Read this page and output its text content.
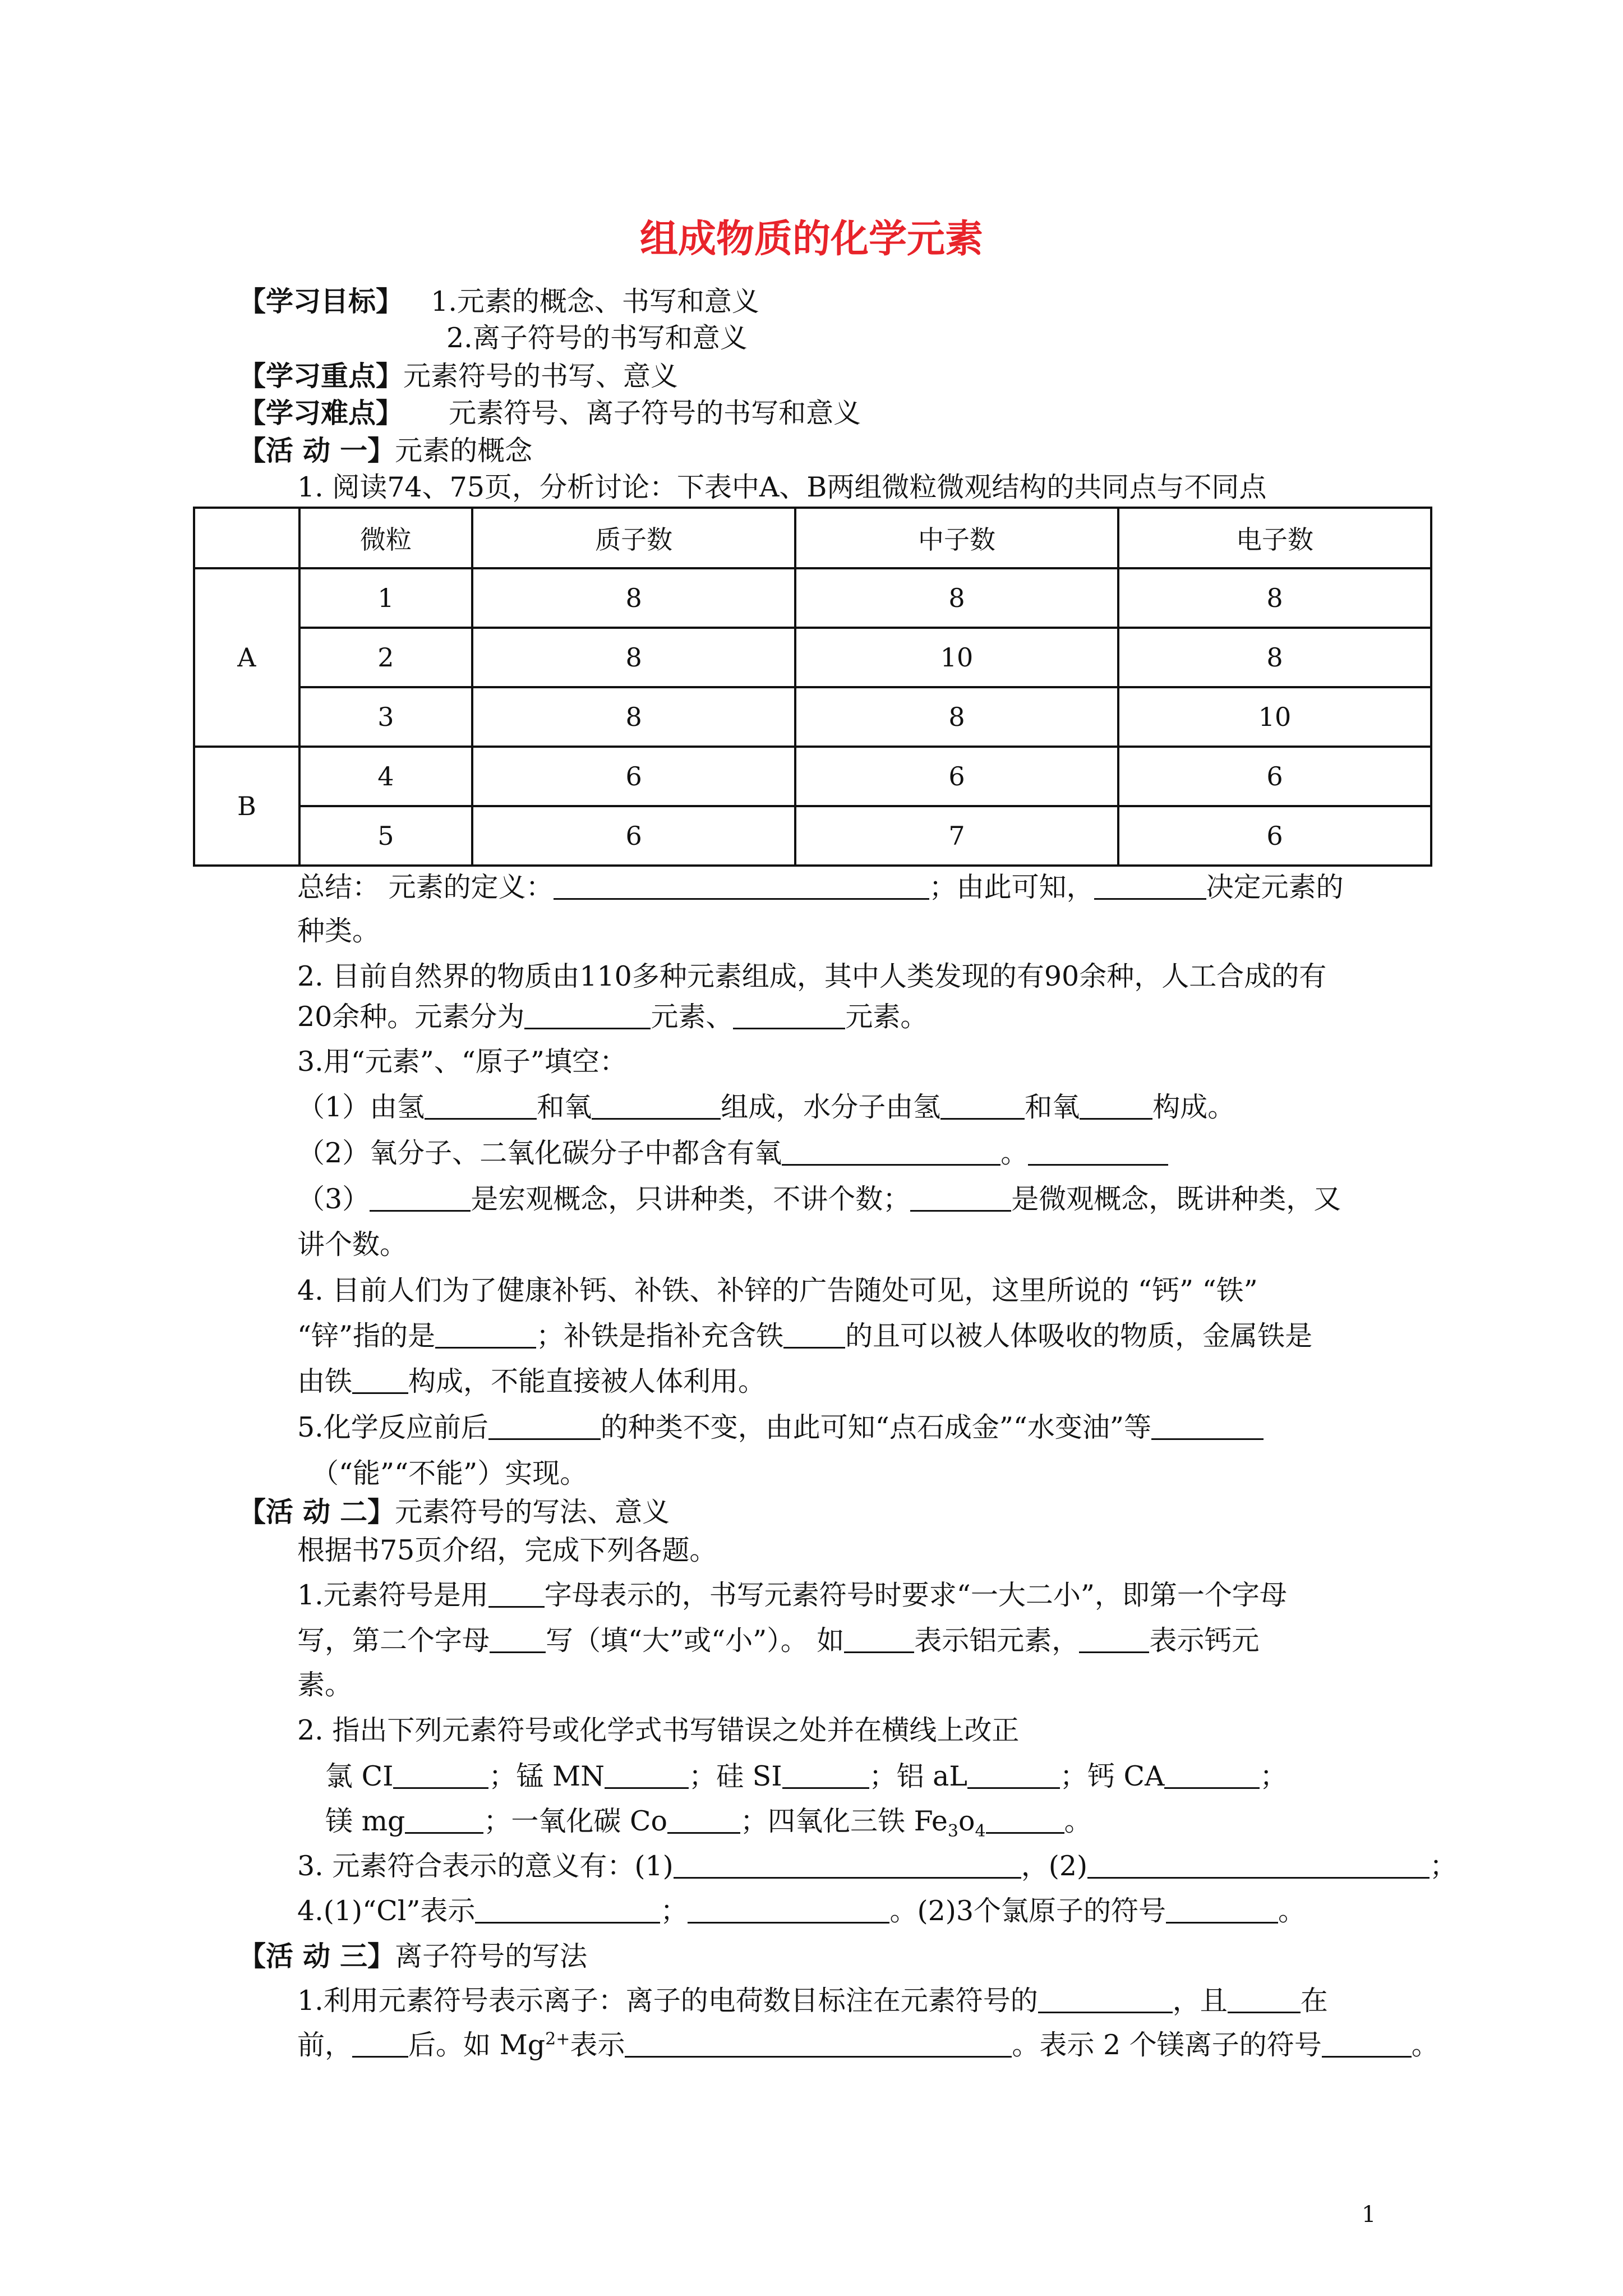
组成物质的化学元素
【学习目标】 1.元素的概念、书写和意义
2.离子符号的书写和意义
【学习重点】元素符号的书写、意义
【学习难点】 元素符号、离子符号的书写和意义
【活 动 一】元素的概念
1. 阅读74、75页，分析讨论：下表中A、B两组微粒微观结构的共同点与不同点
	微粒	质子数	中子数	电子数
A	1	8	8	8
	2	8	10	8
	3	8	8	10
B	4	6	6	6
	5	6	7	6
总结： 元素的定义：	；由此可知，	决定元素的
种类。
2. 目前自然界的物质由110多种元素组成，其中人类发现的有90余种，人工合成的有
20余种。元素分为	元素、	元素。
3.用“元素”、“原子”填空：
（1）由氢	和氧	组成，水分子由氢	和氧	构成。
（2）氧分子、二氧化碳分子中都含有氧	。
（3）	是宏观概念，只讲种类，不讲个数；	是微观概念，既讲种类，又
讲个数。
4. 目前人们为了健康补钙、补铁、补锌的广告随处可见，这里所说的 “钙” “铁”
“锌”指的是	；补铁是指补充含铁 的且可以被人体吸收的物质，金属铁是
由铁 构成，不能直接被人体利用。
5.化学反应前后	的种类不变，由此可知“点石成金”“水变油”等
（“能”“不能”）实现。
【活 动 二】元素符号的写法、意义
根据书75页介绍，完成下列各题。
1.元素符号是用 字母表示的，书写元素符号时要求“一大二小”，即第一个字母
写，第二个字母 写（填“大”或“小”）。 如	表示铝元素，	表示钙元
素。
2. 指出下列元素符号或化学式书写错误之处并在横线上改正
氯 CI	；锰 MN	；硅 SI	；铝 aL	；钙 CA	；
镁 mg	；一氧化碳 Co	；四氧化三铁 $Fe_3o_4$	。
3. 元素符合表示的意义有：(1)	，(2)	；
4.(1)“Cl”表示	；	。(2)3个氯原子的符号	。
【活 动 三】离子符号的写法
1.利用元素符号表示离子：离子的电荷数目标注在元素符号的	，且	在
前， 后。如 $Mg^{2+}$表示	。表示 2 个镁离子的符号	。
1
